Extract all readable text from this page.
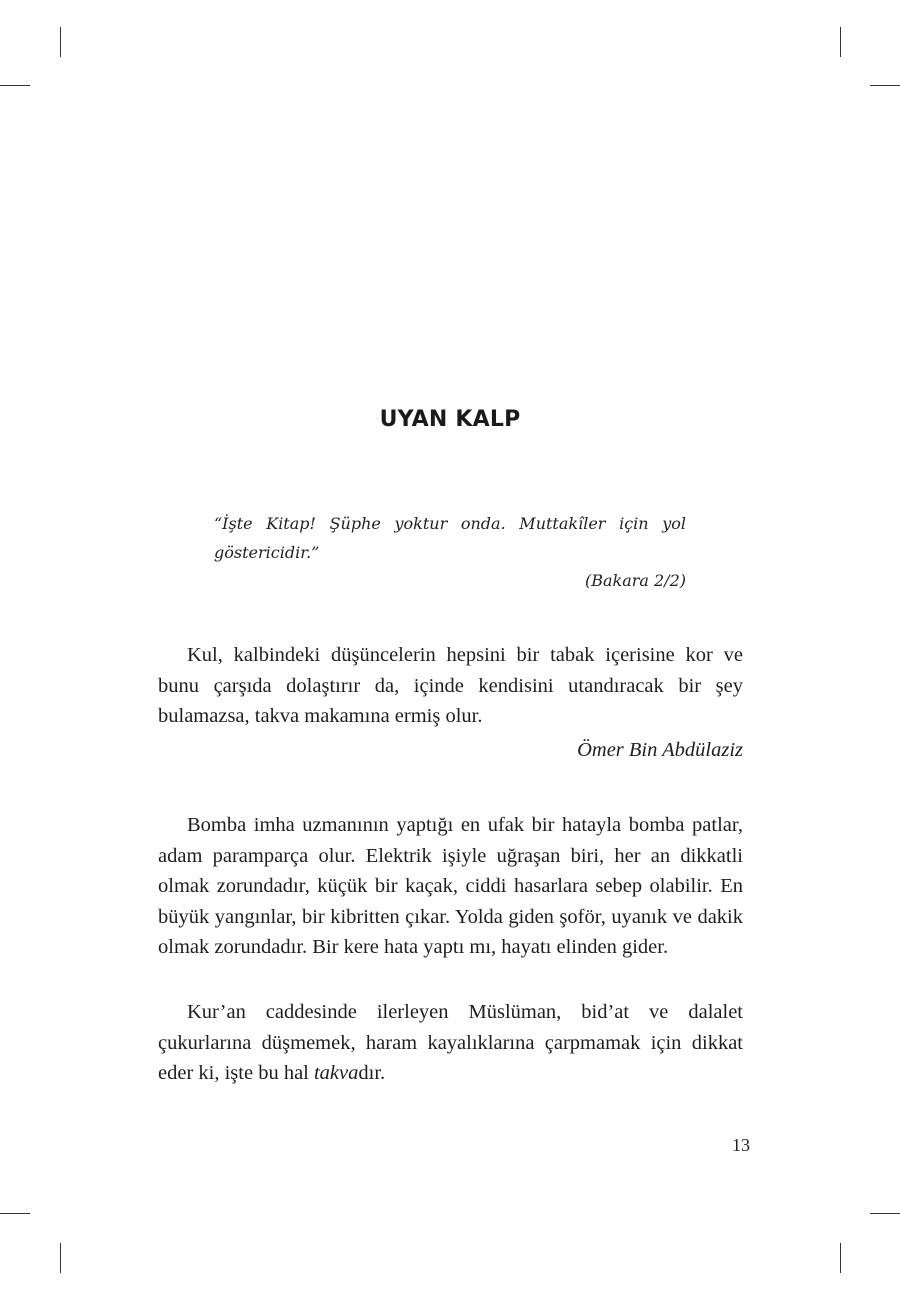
UYAN KALP
“İşte Kitap! Şüphe yoktur onda. Muttakîler için yol göstericidir.”
(Bakara 2/2)

Kul, kalbindeki düşüncelerin hepsini bir tabak içerisine kor ve bunu çarşıda dolaştırır da, içinde kendisini utandıracak bir şey bulamazsa, takva makamına ermiş olur.

Ömer Bin Abdülaziz

Bomba imha uzmanının yaptığı en ufak bir hatayla bomba patlar, adam paramparça olur. Elektrik işiyle uğraşan biri, her an dikkatli olmak zorundadır, küçük bir kaçak, ciddi hasarlara sebep olabilir. En büyük yangınlar, bir kibritten çıkar. Yolda giden şoför, uyanık ve dakik olmak zorundadır. Bir kere hata yaptı mı, hayatı elinden gider.

Kur’an caddesinde ilerleyen Müslüman, bid’at ve dalalet çukurlarına düşmemek, haram kayalıklarına çarpmamak için dikkat eder ki, işte bu hal takvadır.

13
